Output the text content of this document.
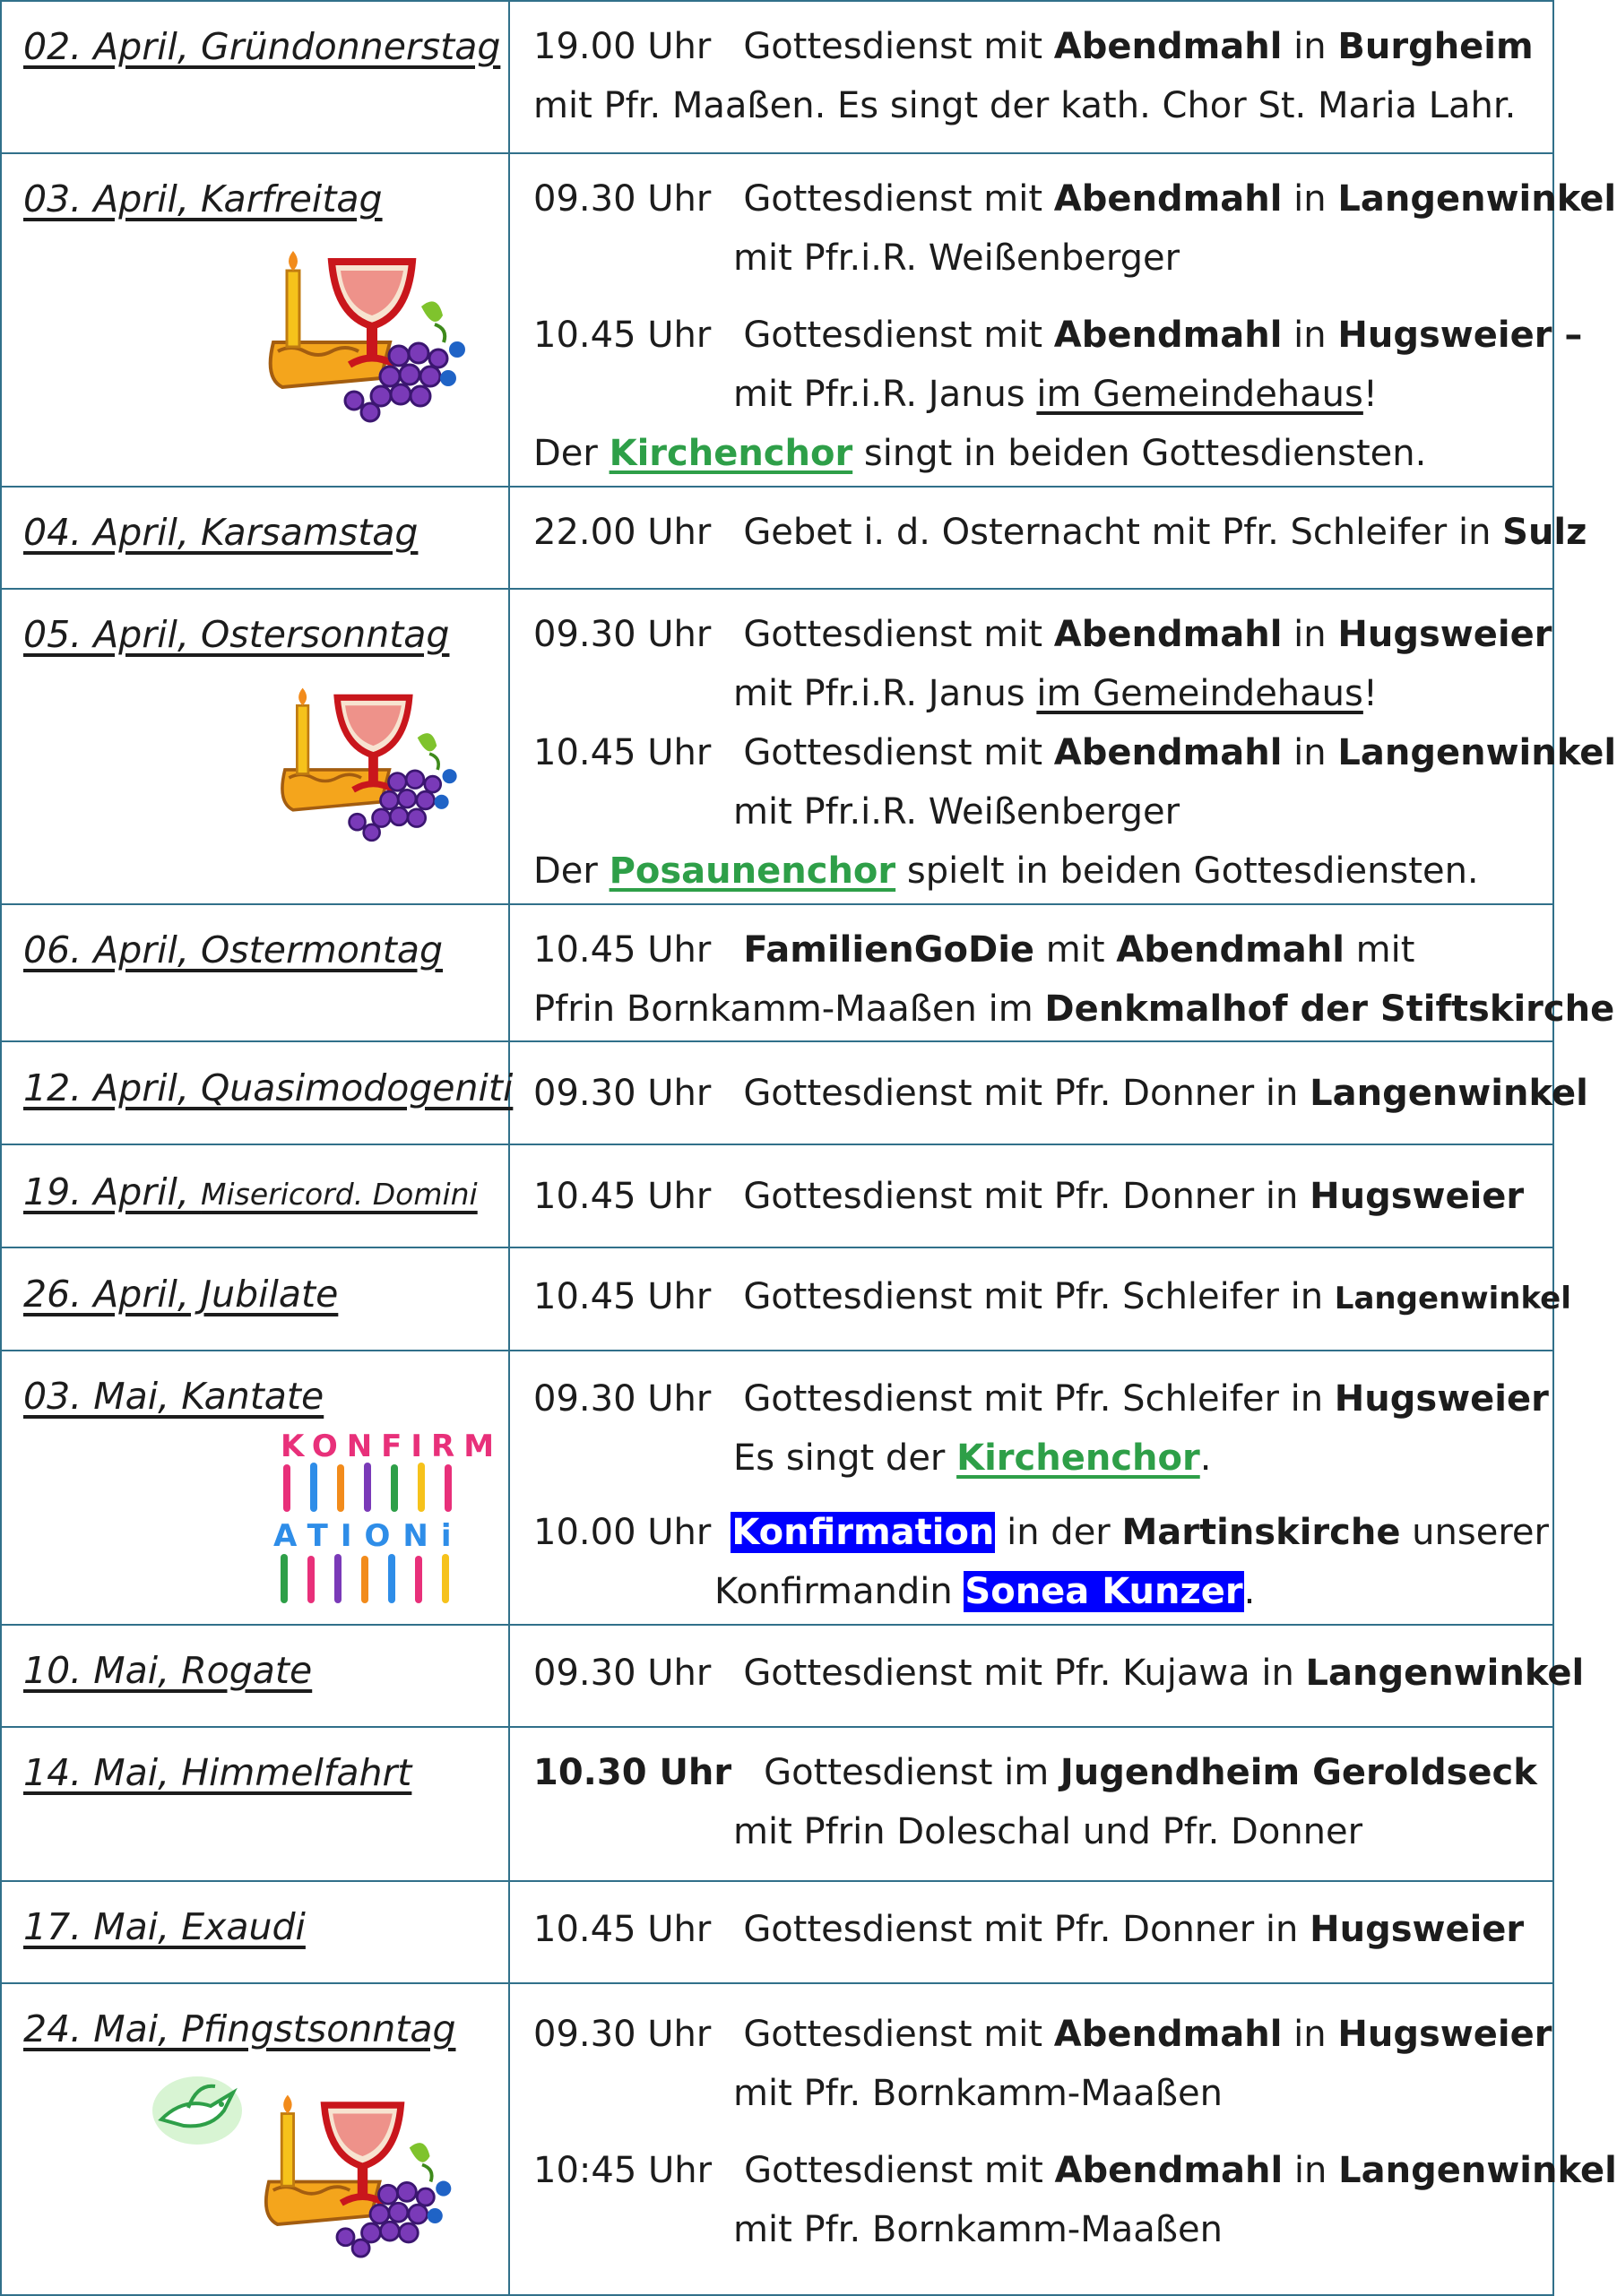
02. April, Gründonnerstag 19.00 Uhr Gottesdienst mit Abendmahl in Burgheim
mit Pfr. Maaßen. Es singt der kath. Chor St. Maria Lahr.
03. April, Karfreitag	09.30 Uhr Gottesdienst mit Abendmahl in Langenwinkel
mit Pfr.i.R. Weißenberger
10.45 Uhr Gottesdienst mit Abendmahl in Hugsweier –
mit Pfr.i.R. Janus im Gemeindehaus!
Der Kirchenchor singt in beiden Gottesdiensten.
04. April, Karsamstag	22.00 Uhr Gebet i. d. Osternacht mit Pfr. Schleifer in Sulz
05. April, Ostersonntag 09.30 Uhr Gottesdienst mit Abendmahl in Hugsweier
mit Pfr.i.R. Janus im Gemeindehaus!
10.45 Uhr Gottesdienst mit Abendmahl in Langenwinkel
mit Pfr.i.R. Weißenberger
Der Posaunenchor spielt in beiden Gottesdiensten.
06. April, Ostermontag	10.45 Uhr FamilienGoDie mit Abendmahl mit
Pfrin Bornkamm-Maaßen im Denkmalhof der Stiftskirche
12. April, Quasimodogeniti 09.30 Uhr Gottesdienst mit Pfr. Donner in Langenwinkel
19. April, Misericord. Domini 10.45 Uhr Gottesdienst mit Pfr. Donner in Hugsweier
26. April, Jubilate	10.45 Uhr Gottesdienst mit Pfr. Schleifer in Langenwinkel
03. Mai, Kantate
KONFIRM
ATIONi
09.30 Uhr Gottesdienst mit Pfr. Schleifer in Hugsweier
Es singt der Kirchenchor.
10.00 Uhr Konfirmation in der Martinskirche unserer
Konfirmandin Sonea Kunzer.
10. Mai, Rogate	09.30 Uhr Gottesdienst mit Pfr. Kujawa in Langenwinkel
14. Mai, Himmelfahrt	10.30 Uhr Gottesdienst im Jugendheim Geroldseck
mit Pfrin Doleschal und Pfr. Donner
17. Mai, Exaudi	10.45 Uhr Gottesdienst mit Pfr. Donner in Hugsweier
24. Mai, Pfingstsonntag 09.30 Uhr Gottesdienst mit Abendmahl in Hugsweier
mit Pfr. Bornkamm-Maaßen
10:45 Uhr Gottesdienst mit Abendmahl in Langenwinkel
mit Pfr. Bornkamm-Maaßen
